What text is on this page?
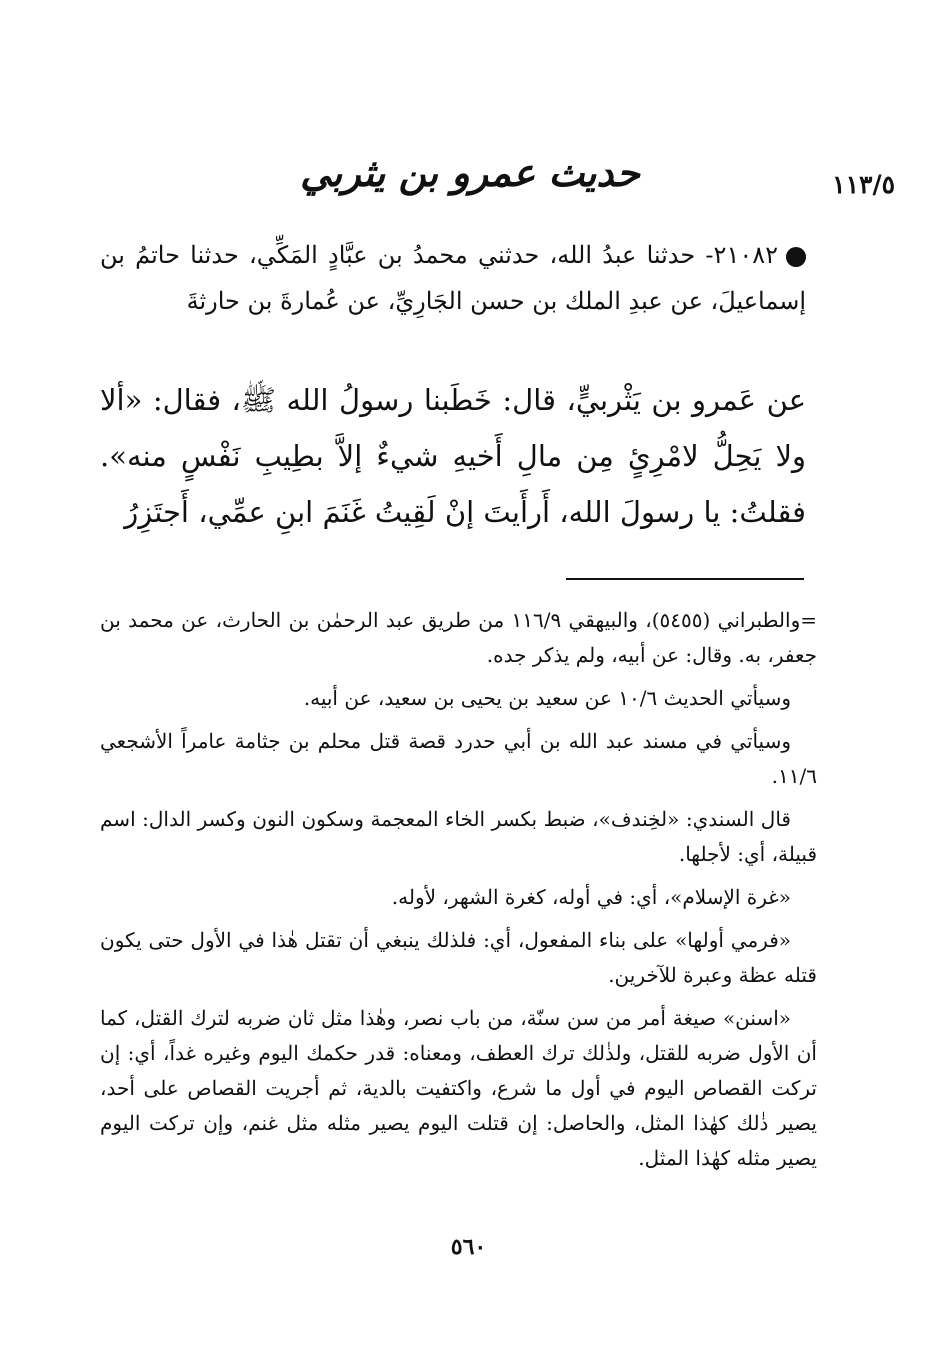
١١٣/٥
حديث عمرو بن يثربي
٢١٠٨٢- حدثنا عبدُ الله، حدثني محمدُ بن عبَّادٍ المَكِّي، حدثنا حاتمُ بن إسماعيلَ، عن عبدِ الملك بن حسن الجَارِيِّ، عن عُمارةَ بن حارثةَ
عن عَمرو بن يَثْربيٍّ، قال: خَطَبنا رسولُ الله ﷺ، فقال: «ألا ولا يَحِلُّ لامْرِئٍ مِن مالِ أَخيهِ شيءٌ إلاَّ بطِيبِ نَفْسٍ منه». فقلتُ: يا رسولَ الله، أَرأَيتَ إنْ لَقِيتُ غَنَمَ ابنِ عمِّي، أَجتَزِرُ

=والطبراني (٥٤٥٥)، والبيهقي ١١٦/٩ من طريق عبد الرحمٰن بن الحارث، عن محمد بن جعفر، به. وقال: عن أبيه، ولم يذكر جده.

وسيأتي الحديث ١٠/٦ عن سعيد بن يحيى بن سعيد، عن أبيه.

وسيأتي في مسند عبد الله بن أبي حدرد قصة قتل محلم بن جثامة عامراً الأشجعي ١١/٦.

قال السندي: «لخِندف»، ضبط بكسر الخاء المعجمة وسكون النون وكسر الدال: اسم قبيلة، أي: لأجلها.

«غرة الإسلام»، أي: في أوله، كغرة الشهر، لأوله.

«فرمي أولها» على بناء المفعول، أي: فلذلك ينبغي أن تقتل هٰذا في الأول حتى يكون قتله عظة وعبرة للآخرين.

«اسنن» صيغة أمر من سن سنّة، من باب نصر، وهٰذا مثل ثان ضربه لترك القتل، كما أن الأول ضربه للقتل، ولذٰلك ترك العطف، ومعناه: قدر حكمك اليوم وغيره غداً، أي: إن تركت القصاص اليوم في أول ما شرع، واكتفيت بالدية، ثم أجريت القصاص على أحد، يصير ذٰلك كهٰذا المثل، والحاصل: إن قتلت اليوم يصير مثله مثل غنم، وإن تركت اليوم يصير مثله كهٰذا المثل.

٥٦٠
